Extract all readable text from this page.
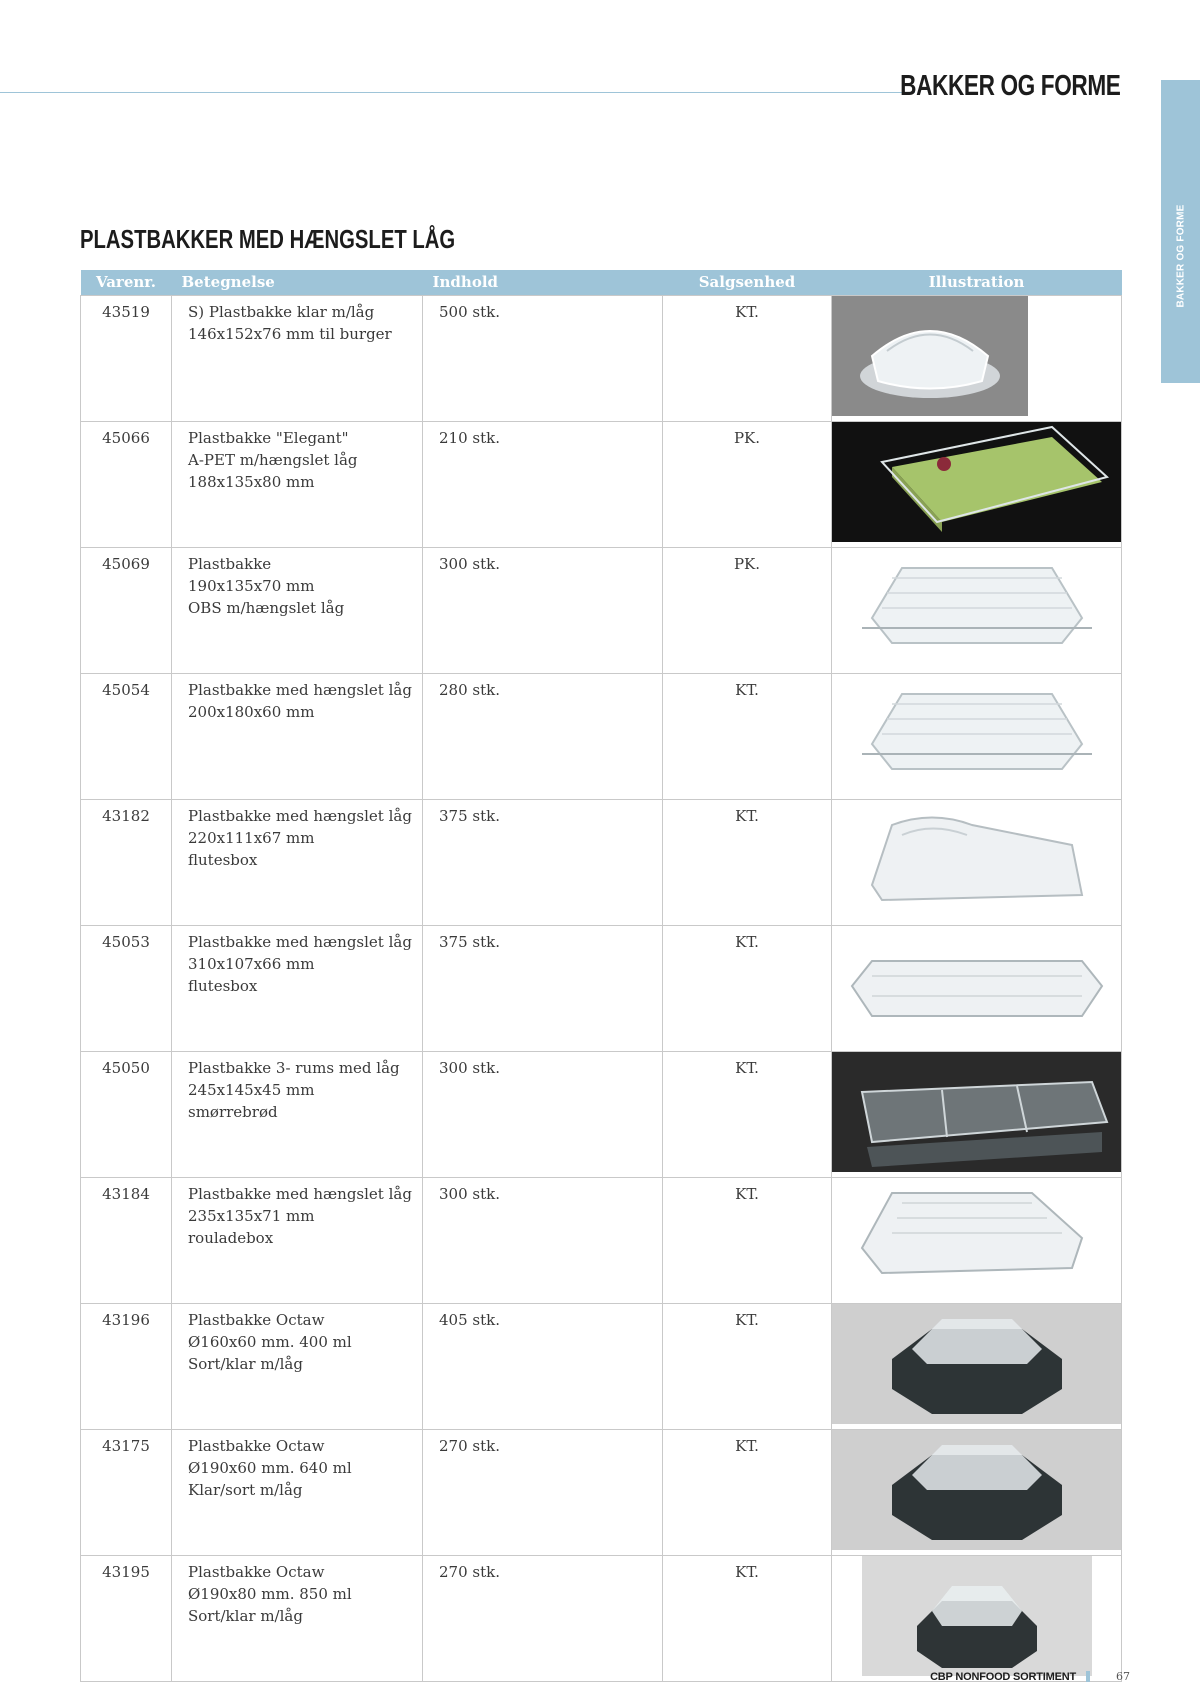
BAKKER OG FORME
BAKKER OG FORME
PLASTBAKKER MED HÆNGSLET LÅG
Varenr.	Betegnelse	Indhold	Salgsenhed	Illustration
43519	S) Plastbakke klar m/låg
146x152x76 mm til burger	500 stk.	KT.	

45066	Plastbakke "Elegant"
A-PET m/hængslet låg
188x135x80 mm	210 stk.	PK.	

45069	Plastbakke
190x135x70 mm
OBS m/hængslet låg	300 stk.	PK.	

45054	Plastbakke med hængslet låg
200x180x60 mm	280 stk.	KT.	

43182	Plastbakke med hængslet låg
220x111x67 mm
flutesbox	375 stk.	KT.	

45053	Plastbakke med hængslet låg
310x107x66 mm
flutesbox	375 stk.	KT.	

45050	Plastbakke 3- rums med låg
245x145x45 mm
smørrebrød	300 stk.	KT.	

43184	Plastbakke med hængslet låg
235x135x71 mm
rouladebox	300 stk.	KT.	

43196	Plastbakke Octaw
Ø160x60 mm. 400 ml
Sort/klar m/låg	405 stk.	KT.	

43175	Plastbakke Octaw
Ø190x60 mm. 640 ml
Klar/sort m/låg	270 stk.	KT.	

43195	Plastbakke Octaw
Ø190x80 mm. 850 ml
Sort/klar m/låg	270 stk.	KT.	
CBP NONFOOD SORTIMENT	67
